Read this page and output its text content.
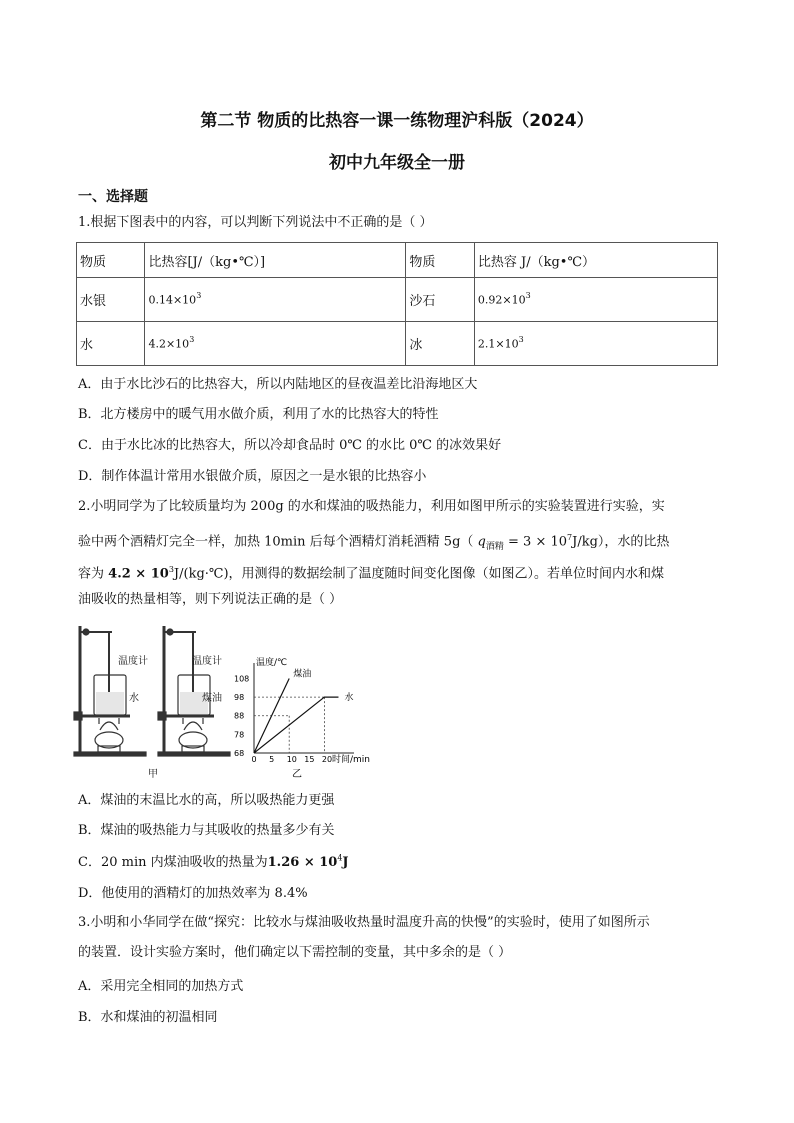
第二节 物质的比热容一课一练物理沪科版（2024）
初中九年级全一册
一、选择题
1.根据下图表中的内容，可以判断下列说法中不正确的是（ ）
物质	比热容[J/（kg•℃）]	物质	比热容 J/（kg•℃）
水银	$0.14\times 10^3$	沙石	$0.92\times 10^3$
水	$4.2\times 10^3$	冰	$2.1\times 10^3$
A．由于水比沙石的比热容大，所以内陆地区的昼夜温差比沿海地区大
B．北方楼房中的暖气用水做介质，利用了水的比热容大的特性
C．由于水比冰的比热容大，所以冷却食品时 0℃ 的水比 0℃ 的冰效果好
D．制作体温计常用水银做介质，原因之一是水银的比热容小
2.小明同学为了比较质量均为 200g 的水和煤油的吸热能力，利用如图甲所示的实验装置进行实验，实
验中两个酒精灯完全一样，加热 10min 后每个酒精灯消耗酒精 5g（ $q_{酒精} = 3 \times 10^7J/kg$），水的比热
容为 $4.2 \times 10^3J/(kg\cdot℃)$，用测得的数据绘制了温度随时间变化图像（如图乙）。若单位时间内水和煤
油吸收的热量相等，则下列说法正确的是（ ）
温度计
水
温度计
煤油
甲
0 5 10 15 20
68
78
88
98
108	煤油
水
温度/℃
时间/min
乙
A．煤油的末温比水的高，所以吸热能力更强
B．煤油的吸热能力与其吸收的热量多少有关
C．20 min 内煤油吸收的热量为$1.26 \times 10^4J$
D．他使用的酒精灯的加热效率为 8.4%
3.小明和小华同学在做“探究：比较水与煤油吸收热量时温度升高的快慢”的实验时，使用了如图所示
的装置．设计实验方案时，他们确定以下需控制的变量，其中多余的是（ ）
A．采用完全相同的加热方式
B．水和煤油的初温相同
